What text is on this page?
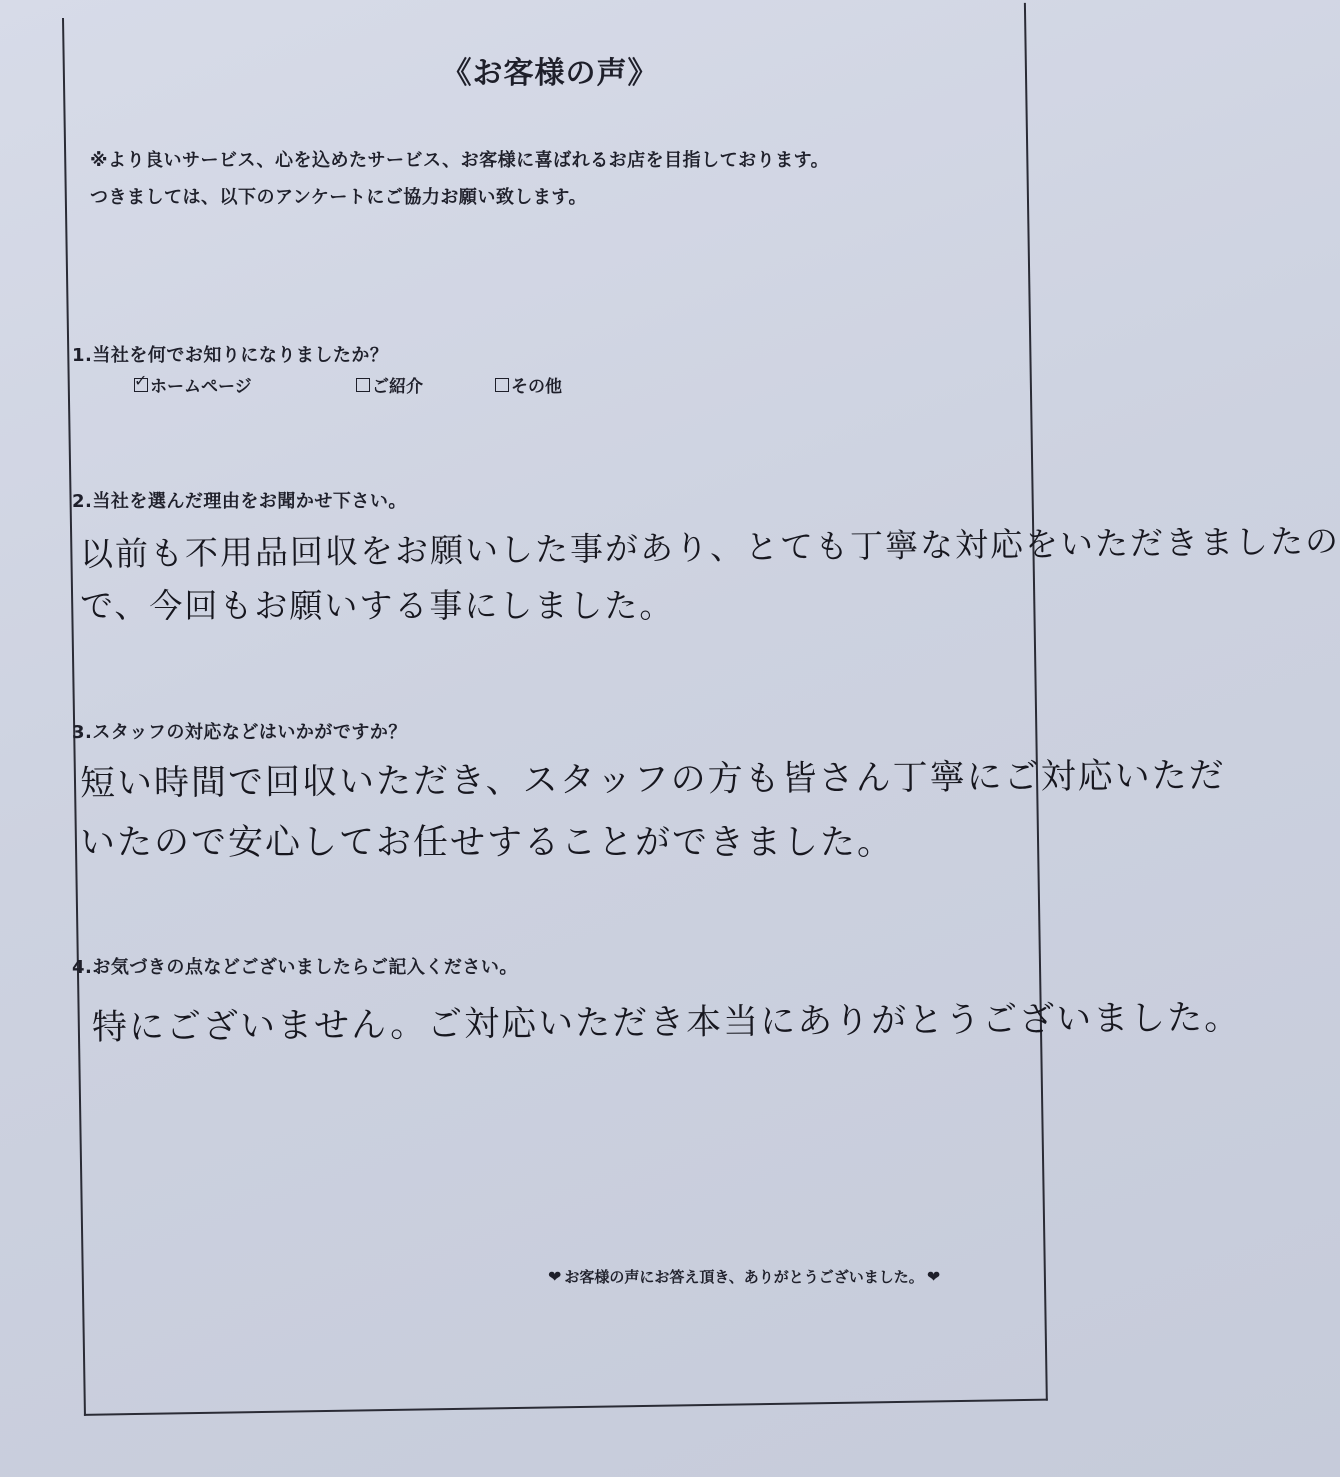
《お客様の声》
※より良いサービス、心を込めたサービス、お客様に喜ばれるお店を目指しております。
つきましては、以下のアンケートにご協力お願い致します。
1.当社を何でお知りになりましたか？
✓ ホームページ	ご紹介	その他
2.当社を選んだ理由をお聞かせ下さい。
以前も不用品回収をお願いした事があり、とても丁寧な対応をいただきましたの
で、今回もお願いする事にしました。
3.スタッフの対応などはいかがですか？
短い時間で回収いただき、スタッフの方も皆さん丁寧にご対応いただ
いたので安心してお任せすることができました。
4.お気づきの点などございましたらご記入ください。
特にございません。ご対応いただき本当にありがとうございました。
❤ お客様の声にお答え頂き、ありがとうございました。 ❤
